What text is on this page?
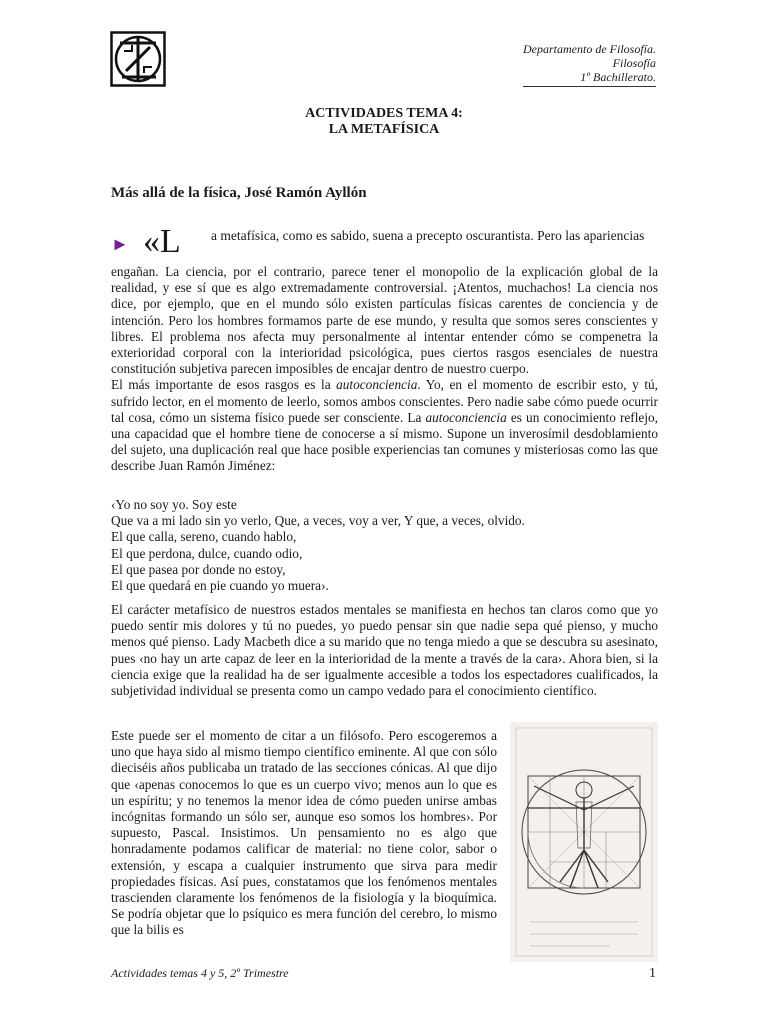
Departamento de Filosofía.
Filosofía
1º Bachillerato.
ACTIVIDADES TEMA 4:
LA METAFÍSICA
Más allá de la física, José Ramón Ayllón
► «L a metafísica, como es sabido, suena a precepto oscurantista. Pero las apariencias

engañan. La ciencia, por el contrario, parece tener el monopolio de la explicación global de la realidad, y ese sí que es algo extremadamente controversial. ¡Atentos, muchachos! La ciencia nos dice, por ejemplo, que en el mundo sólo existen partículas físicas carentes de conciencia y de intención. Pero los hombres formamos parte de ese mundo, y resulta que somos seres conscientes y libres. El problema nos afecta muy personalmente al intentar entender cómo se compenetra la exterioridad corporal con la interioridad psicológica, pues ciertos rasgos esenciales de nuestra constitución subjetiva parecen imposibles de encajar dentro de nuestro cuerpo.

El más importante de esos rasgos es la autoconciencia. Yo, en el momento de escribir esto, y tú, sufrido lector, en el momento de leerlo, somos ambos conscientes. Pero nadie sabe cómo puede ocurrir tal cosa, cómo un sistema físico puede ser consciente. La autoconciencia es un conocimiento reflejo, una capacidad que el hombre tiene de conocerse a sí mismo. Supone un inverosímil desdoblamiento del sujeto, una duplicación real que hace posible experiencias tan comunes y misteriosas como las que describe Juan Ramón Jiménez:

‹Yo no soy yo. Soy este
Que va a mi lado sin yo verlo, Que, a veces, voy a ver, Y que, a veces, olvido.
El que calla, sereno, cuando hablo,
El que perdona, dulce, cuando odio,
El que pasea por donde no estoy,
El que quedará en pie cuando yo muera›.
El carácter metafísico de nuestros estados mentales se manifiesta en hechos tan claros como que yo puedo sentir mis dolores y tú no puedes, yo puedo pensar sin que nadie sepa qué pienso, y mucho menos qué pienso. Lady Macbeth dice a su marido que no tenga miedo a que se descubra su asesinato, pues ‹no hay un arte capaz de leer en la interioridad de la mente a través de la cara›. Ahora bien, si la ciencia exige que la realidad ha de ser igualmente accesible a todos los espectadores cualificados, la subjetividad individual se presenta como un campo vedado para el conocimiento científico.
Este puede ser el momento de citar a un filósofo. Pero escogeremos a uno que haya sido al mismo tiempo científico eminente. Al que con sólo dieciséis años publicaba un tratado de las secciones cónicas. Al que dijo que ‹apenas conocemos lo que es un cuerpo vivo; menos aun lo que es un espíritu; y no tenemos la menor idea de cómo pueden unirse ambas incógnitas formando un sólo ser, aunque eso somos los hombres›. Por supuesto, Pascal. Insistimos. Un pensamiento no es algo que honradamente podamos calificar de material: no tiene color, sabor o extensión, y escapa a cualquier instrumento que sirva para medir propiedades físicas. Así pues, constatamos que los fenómenos mentales trascienden claramente los fenómenos de la fisiología y la bioquímica. Se podría objetar que lo psíquico es mera función del cerebro, lo mismo que la bilis es
Actividades temas 4 y 5, 2º Trimestre	1
